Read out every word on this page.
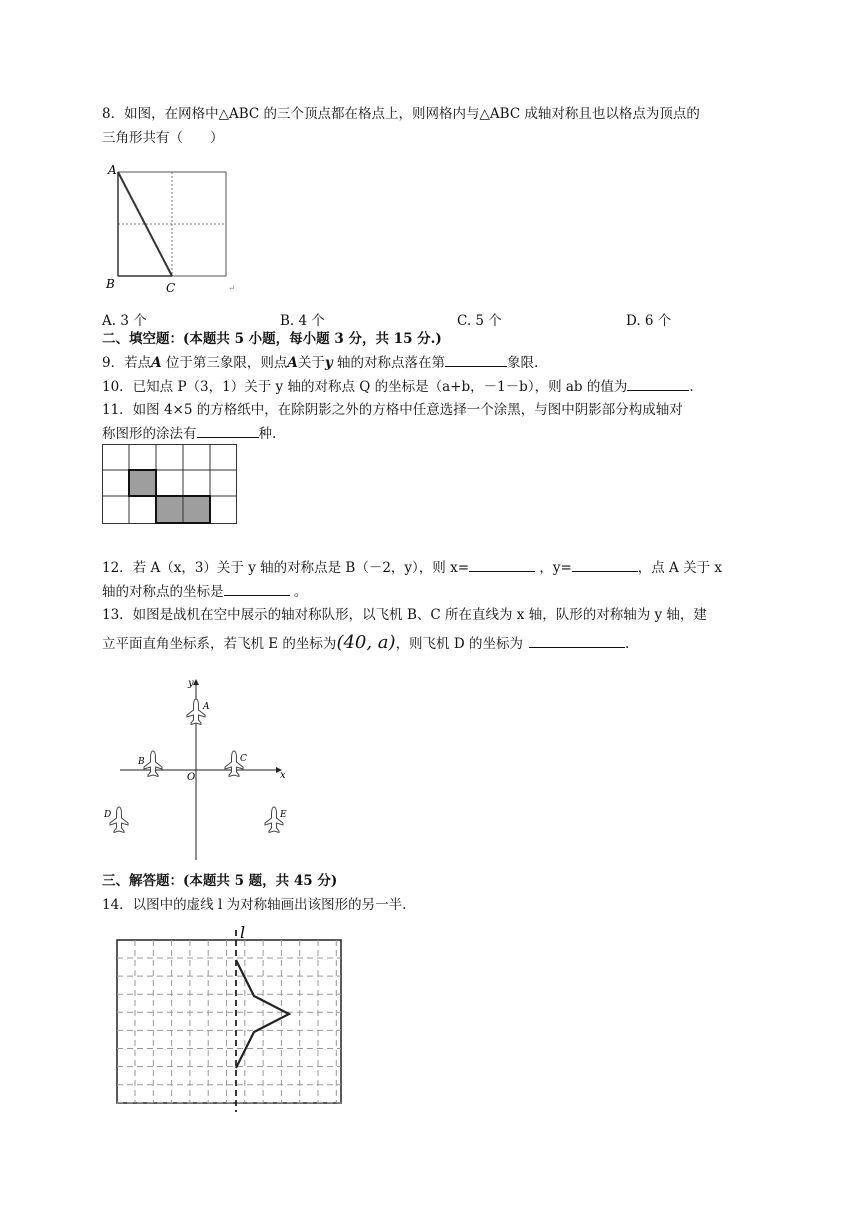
8．如图，在网格中△ABC 的三个顶点都在格点上，则网格内与△ABC 成轴对称且也以格点为顶点的
三角形共有（　　）
A
B	C	↵
A. 3 个	B. 4 个	C. 5 个	D. 6 个
二、填空题：(本题共 5 小题，每小题 3 分，共 15 分.)
9．若点A 位于第三象限，则点A关于y 轴的对称点落在第	象限.
10．已知点 P（3，1）关于 y 轴的对称点 Q 的坐标是（a+b，－1－b），则 ab 的值为	.
11．如图 4×5 的方格纸中，在除阴影之外的方格中任意选择一个涂黑，与图中阴影部分构成轴对
称图形的涂法有	种.
12．若 A（x，3）关于 y 轴的对称点是 B（－2，y），则 x=	，y=	，点 A 关于 x
轴的对称点的坐标是	。
13．如图是战机在空中展示的轴对称队形，以飞机 B、C 所在直线为 x 轴，队形的对称轴为 y 轴，建
立平面直角坐标系，若飞机 E 的坐标为(40, a)，则飞机 D 的坐标为	.
y
x
O
A
B	C
D	E
三、解答题：(本题共 5 题，共 45 分)
14．以图中的虚线 l 为对称轴画出该图形的另一半.
l
